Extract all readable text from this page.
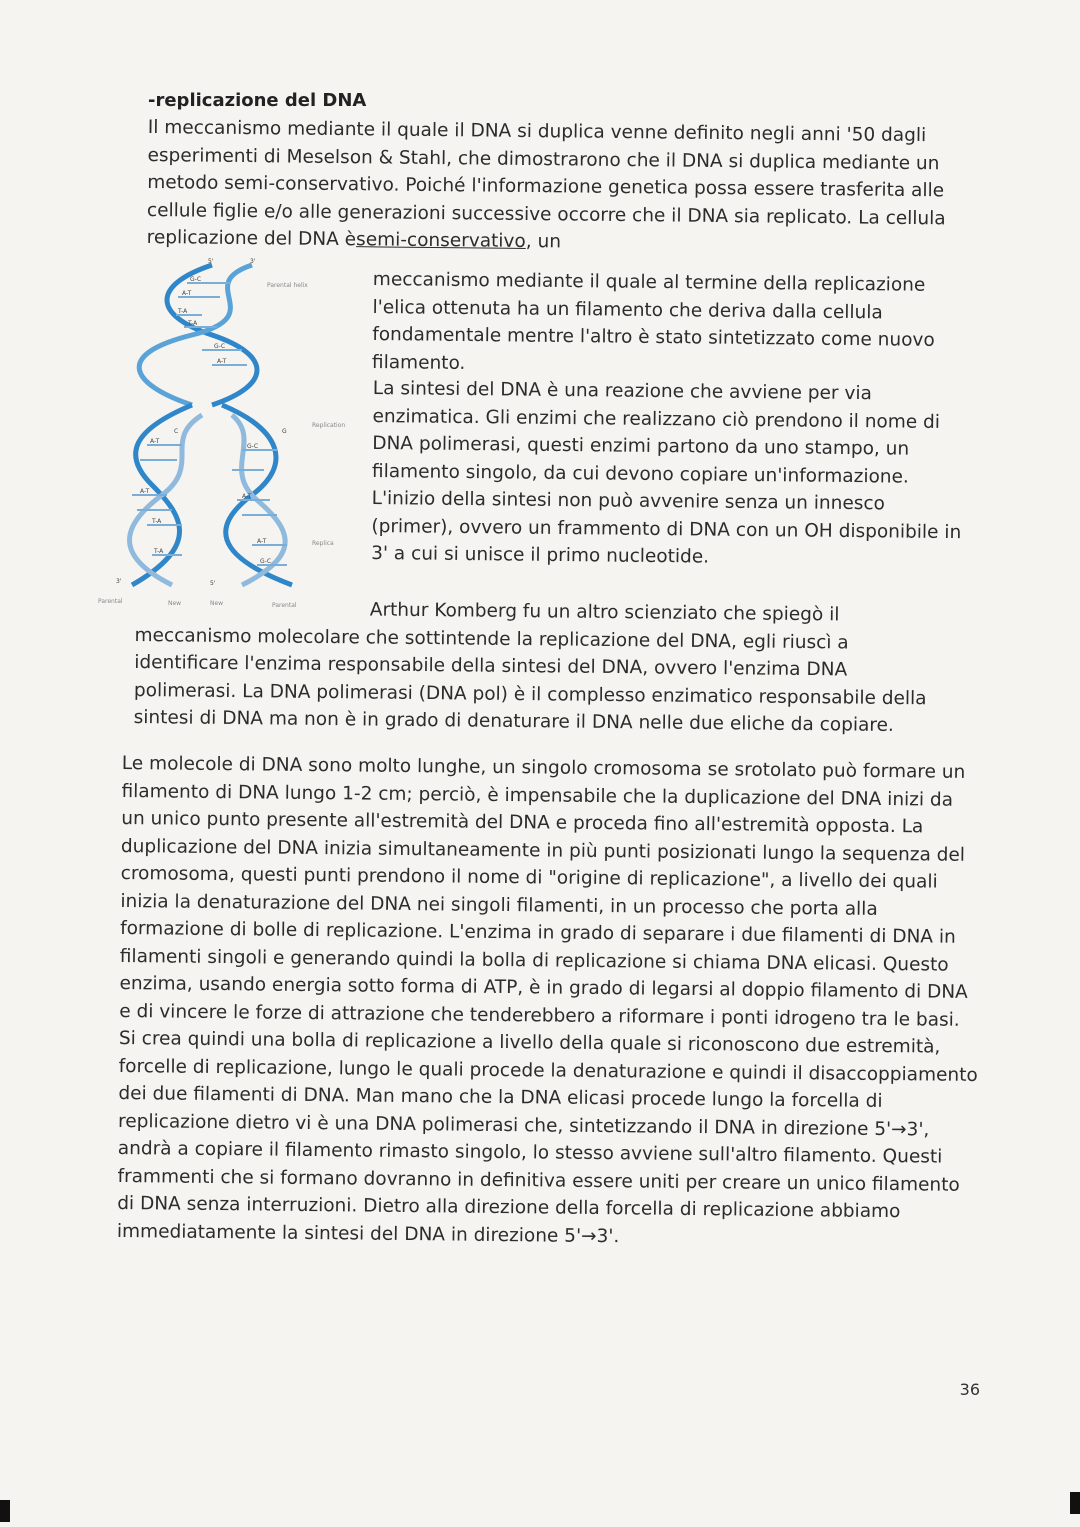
-replicazione del DNA

Il meccanismo mediante il quale il DNA si duplica venne definito negli anni '50 dagli esperimenti di Meselson & Stahl, che dimostrarono che il DNA si duplica mediante un metodo semi-conservativo. Poiché l'informazione genetica possa essere trasferita alle cellule figlie e/o alle generazioni successive occorre che il DNA sia replicato. La cellula replicazione del DNA èsemi-conservativo, un

meccanismo mediante il quale al termine della replicazione l'elica ottenuta ha un filamento che deriva dalla cellula fondamentale mentre l'altro è stato sintetizzato come nuovo filamento.

La sintesi del DNA è una reazione che avviene per via enzimatica. Gli enzimi che realizzano ciò prendono il nome di DNA polimerasi, questi enzimi partono da uno stampo, un filamento singolo, da cui devono copiare un'informazione. L'inizio della sintesi non può avvenire senza un innesco (primer), ovvero un frammento di DNA con un OH disponibile in 3' a cui si unisce il primo nucleotide.

Arthur Komberg fu un altro scienziato che spiegò il meccanismo molecolare che sottintende la replicazione del DNA, egli riuscì a identificare l'enzima responsabile della sintesi del DNA, ovvero l'enzima DNA polimerasi. La DNA polimerasi (DNA pol) è il complesso enzimatico responsabile della sintesi di DNA ma non è in grado di denaturare il DNA nelle due eliche da copiare.

Le molecole di DNA sono molto lunghe, un singolo cromosoma se srotolato può formare un filamento di DNA lungo 1-2 cm; perciò, è impensabile che la duplicazione del DNA inizi da un unico punto presente all'estremità del DNA e proceda fino all'estremità opposta. La duplicazione del DNA inizia simultaneamente in più punti posizionati lungo la sequenza del cromosoma, questi punti prendono il nome di "origine di replicazione", a livello dei quali inizia la denaturazione del DNA nei singoli filamenti, in un processo che porta alla formazione di bolle di replicazione. L'enzima in grado di separare i due filamenti di DNA in filamenti singoli e generando quindi la bolla di replicazione si chiama DNA elicasi. Questo enzima, usando energia sotto forma di ATP, è in grado di legarsi al doppio filamento di DNA e di vincere le forze di attrazione che tenderebbero a riformare i ponti idrogeno tra le basi. Si crea quindi una bolla di replicazione a livello della quale si riconoscono due estremità, forcelle di replicazione, lungo le quali procede la denaturazione e quindi il disaccoppiamento dei due filamenti di DNA. Man mano che la DNA elicasi procede lungo la forcella di replicazione dietro vi è una DNA polimerasi che, sintetizzando il DNA in direzione 5'→3', andrà a copiare il filamento rimasto singolo, lo stesso avviene sull'altro filamento. Questi frammenti che si formano dovranno in definitiva essere uniti per creare un unico filamento di DNA senza interruzioni. Dietro alla direzione della forcella di replicazione abbiamo immediatamente la sintesi del DNA in direzione 5'→3'.

G-C
A-T
T-A
T-A
G-C
A-T
A-T
G-C
C	G
A-T
A-T
T-A
A-T
T-A
G-C
Parental helix
Replication
Replica
5'	3'
3'	5'
Parental	New	New	Parental
36
